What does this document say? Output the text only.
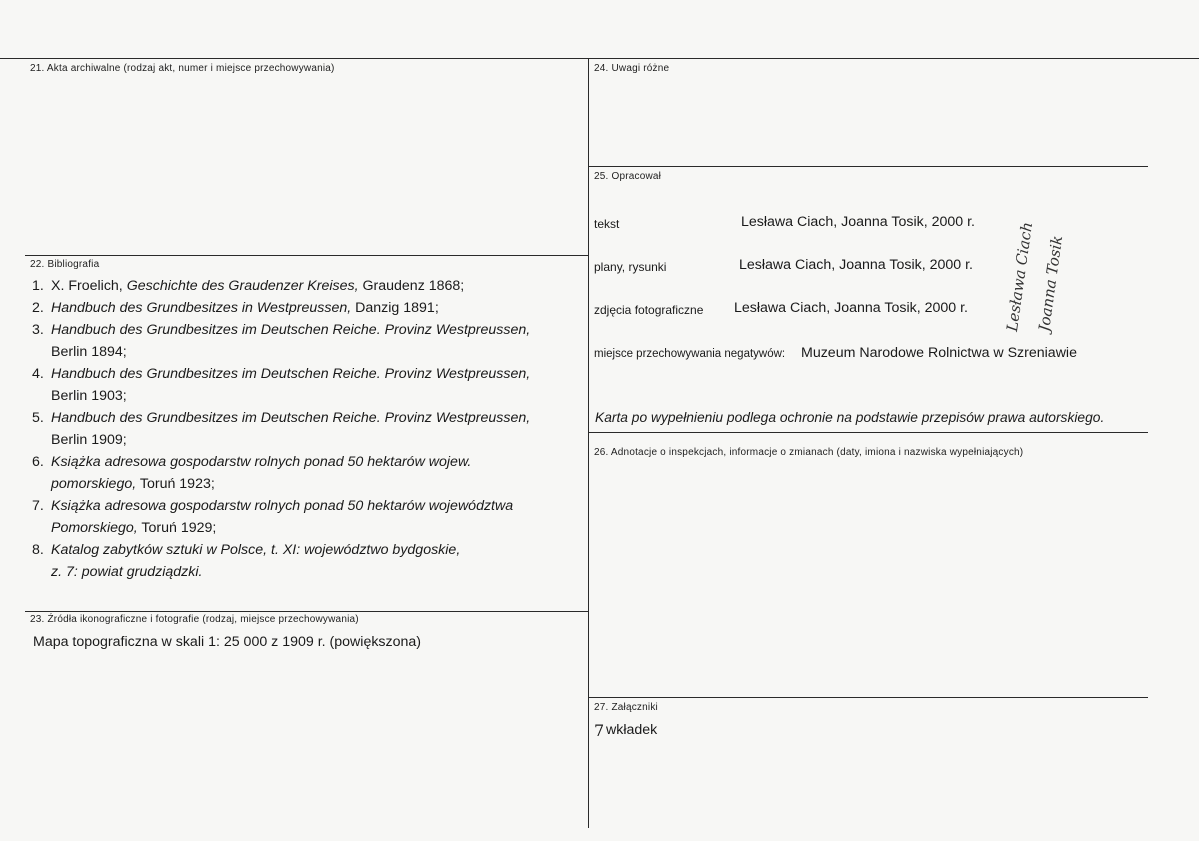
21. Akta archiwalne (rodzaj akt, numer i miejsce przechowywania)
22. Bibliografia
1. X. Froelich, Geschichte des Graudenzer Kreises, Graudenz 1868;
2. Handbuch des Grundbesitzes in Westpreussen, Danzig 1891;
3. Handbuch des Grundbesitzes im Deutschen Reiche. Provinz Westpreussen,
Berlin 1894;
4. Handbuch des Grundbesitzes im Deutschen Reiche. Provinz Westpreussen,
Berlin 1903;
5. Handbuch des Grundbesitzes im Deutschen Reiche. Provinz Westpreussen,
Berlin 1909;
6. Książka adresowa gospodarstw rolnych ponad 50 hektarów wojew.
pomorskiego, Toruń 1923;
7. Książka adresowa gospodarstw rolnych ponad 50 hektarów województwa
Pomorskiego, Toruń 1929;
8. Katalog zabytków sztuki w Polsce, t. XI: województwo bydgoskie,
z. 7: powiat grudziądzki.
23. Źródła ikonograficzne i fotografie (rodzaj, miejsce przechowywania)
Mapa topograficzna w skali 1: 25 000 z 1909 r. (powiększona)
24. Uwagi różne
25. Opracował
tekst	Lesława Ciach, Joanna Tosik, 2000 r.
plany, rysunki	Lesława Ciach, Joanna Tosik, 2000 r.
zdjęcia fotograficzne Lesława Ciach, Joanna Tosik, 2000 r. Lesława Ciach
Joanna Tosik
miejsce przechowywania negatywów: Muzeum Narodowe Rolnictwa w Szreniawie
Karta po wypełnieniu podlega ochronie na podstawie przepisów prawa autorskiego.
26. Adnotacje o inspekcjach, informacje o zmianach (daty, imiona i nazwiska wypełniających)
27. Załączniki
7 wkładek
